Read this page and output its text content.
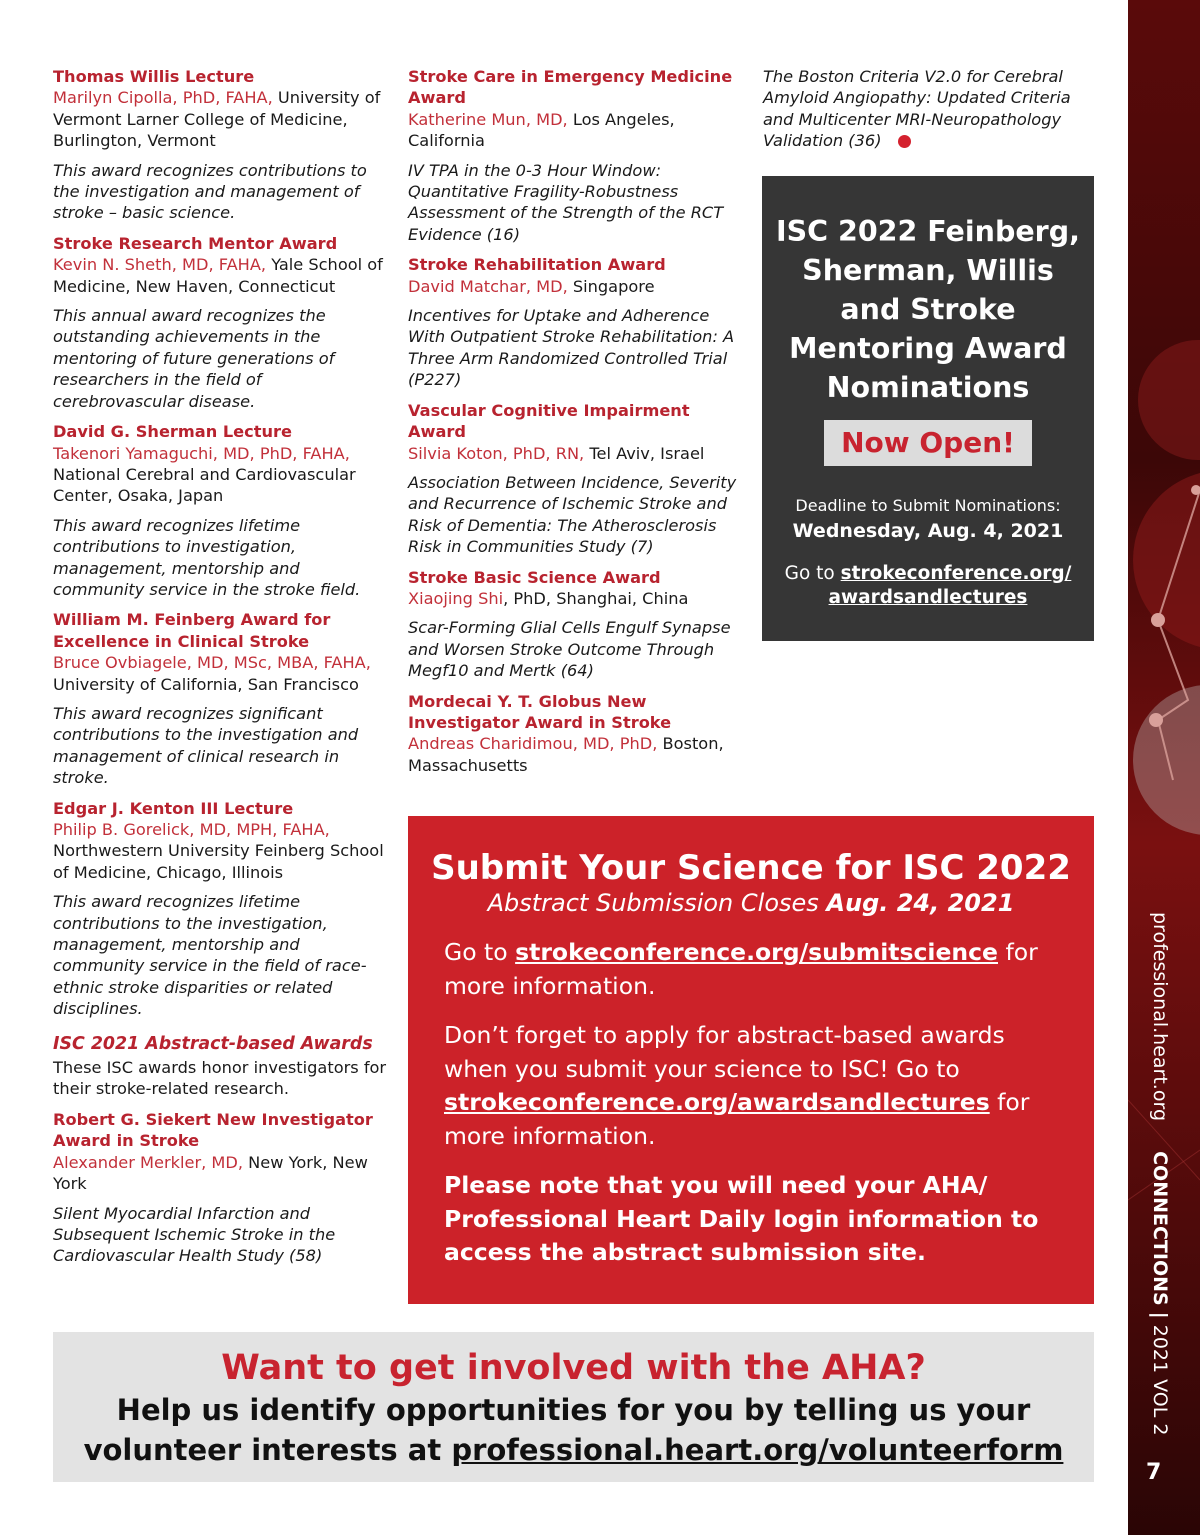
Thomas Willis Lecture
Marilyn Cipolla, PhD, FAHA, University of Vermont Larner College of Medicine, Burlington, Vermont
This award recognizes contributions to the investigation and management of stroke – basic science.
Stroke Research Mentor Award
Kevin N. Sheth, MD, FAHA, Yale School of Medicine, New Haven, Connecticut
This annual award recognizes the outstanding achievements in the mentoring of future generations of researchers in the field of cerebrovascular disease.
David G. Sherman Lecture
Takenori Yamaguchi, MD, PhD, FAHA, National Cerebral and Cardiovascular Center, Osaka, Japan
This award recognizes lifetime contributions to investigation, management, mentorship and community service in the stroke field.
William M. Feinberg Award for Excellence in Clinical Stroke
Bruce Ovbiagele, MD, MSc, MBA, FAHA, University of California, San Francisco
This award recognizes significant contributions to the investigation and management of clinical research in stroke.
Edgar J. Kenton III Lecture
Philip B. Gorelick, MD, MPH, FAHA, Northwestern University Feinberg School of Medicine, Chicago, Illinois
This award recognizes lifetime contributions to the investigation, management, mentorship and community service in the field of race-ethnic stroke disparities or related disciplines.
ISC 2021 Abstract-based Awards
These ISC awards honor investigators for their stroke-related research.
Robert G. Siekert New Investigator Award in Stroke
Alexander Merkler, MD, New York, New York
Silent Myocardial Infarction and Subsequent Ischemic Stroke in the Cardiovascular Health Study (58)
Stroke Care in Emergency Medicine Award
Katherine Mun, MD, Los Angeles, California
IV TPA in the 0-3 Hour Window: Quantitative Fragility-Robustness Assessment of the Strength of the RCT Evidence (16)
Stroke Rehabilitation Award
David Matchar, MD, Singapore
Incentives for Uptake and Adherence With Outpatient Stroke Rehabilitation: A Three Arm Randomized Controlled Trial (P227)
Vascular Cognitive Impairment Award
Silvia Koton, PhD, RN, Tel Aviv, Israel
Association Between Incidence, Severity and Recurrence of Ischemic Stroke and Risk of Dementia: The Atherosclerosis Risk in Communities Study (7)
Stroke Basic Science Award
Xiaojing Shi, PhD, Shanghai, China
Scar-Forming Glial Cells Engulf Synapse and Worsen Stroke Outcome Through Megf10 and Mertk (64)
Mordecai Y. T. Globus New Investigator Award in Stroke
Andreas Charidimou, MD, PhD, Boston, Massachusetts
The Boston Criteria V2.0 for Cerebral Amyloid Angiopathy: Updated Criteria and Multicenter MRI-Neuropathology Validation (36)
ISC 2022 Feinberg, Sherman, Willis and Stroke Mentoring Award Nominations
Now Open!
Deadline to Submit Nominations:
Wednesday, Aug. 4, 2021
Go to strokeconference.org/ awardsandlectures
Submit Your Science for ISC 2022
Abstract Submission Closes Aug. 24, 2021

Go to strokeconference.org/submitscience for more information.

Don’t forget to apply for abstract-based awards when you submit your science to ISC! Go to strokeconference.org/awardsandlectures for more information.

Please note that you will need your AHA/ Professional Heart Daily login information to access the abstract submission site.

Want to get involved with the AHA?
Help us identify opportunities for you by telling us your
volunteer interests at professional.heart.org/volunteerform
professional.heart.org  CONNECTIONS | 2021 VOL 2
7
